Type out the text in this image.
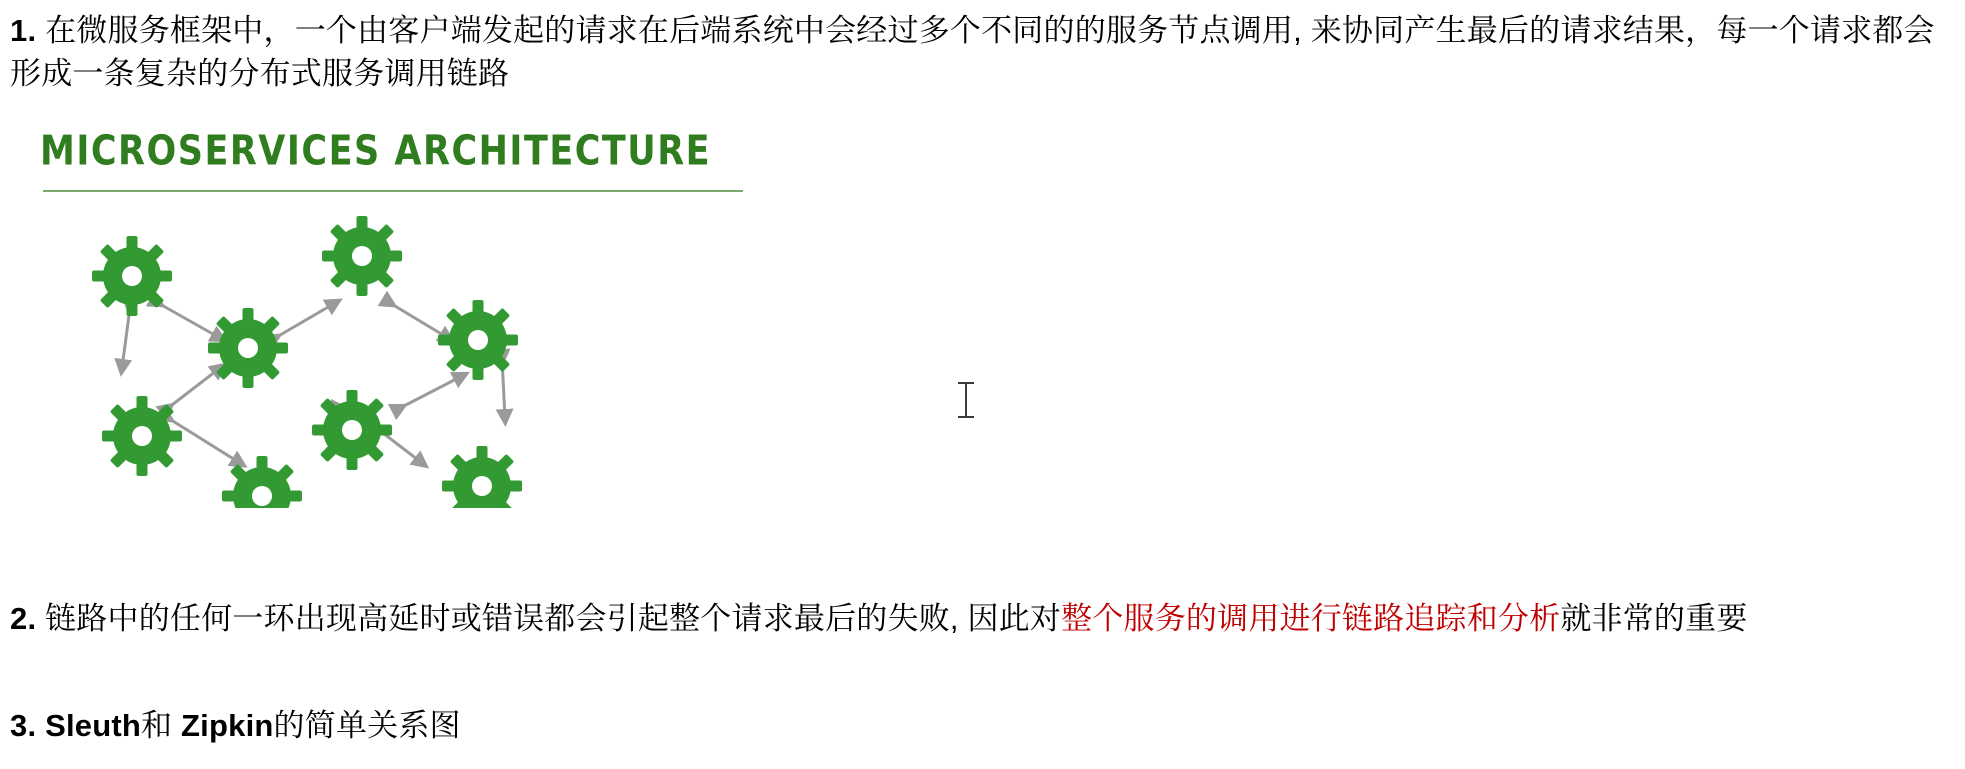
1. 在微服务框架中，一个由客户端发起的请求在后端系统中会经过多个不同的的服务节点调用, 来协同产生最后的请求结果，每一个请求都会形成一条复杂的分布式服务调用链路

MICROSERVICES ARCHITECTURE

2. 链路中的任何一环出现高延时或错误都会引起整个请求最后的失败, 因此对整个服务的调用进行链路追踪和分析就非常的重要

3. Sleuth和 Zipkin的简单关系图
